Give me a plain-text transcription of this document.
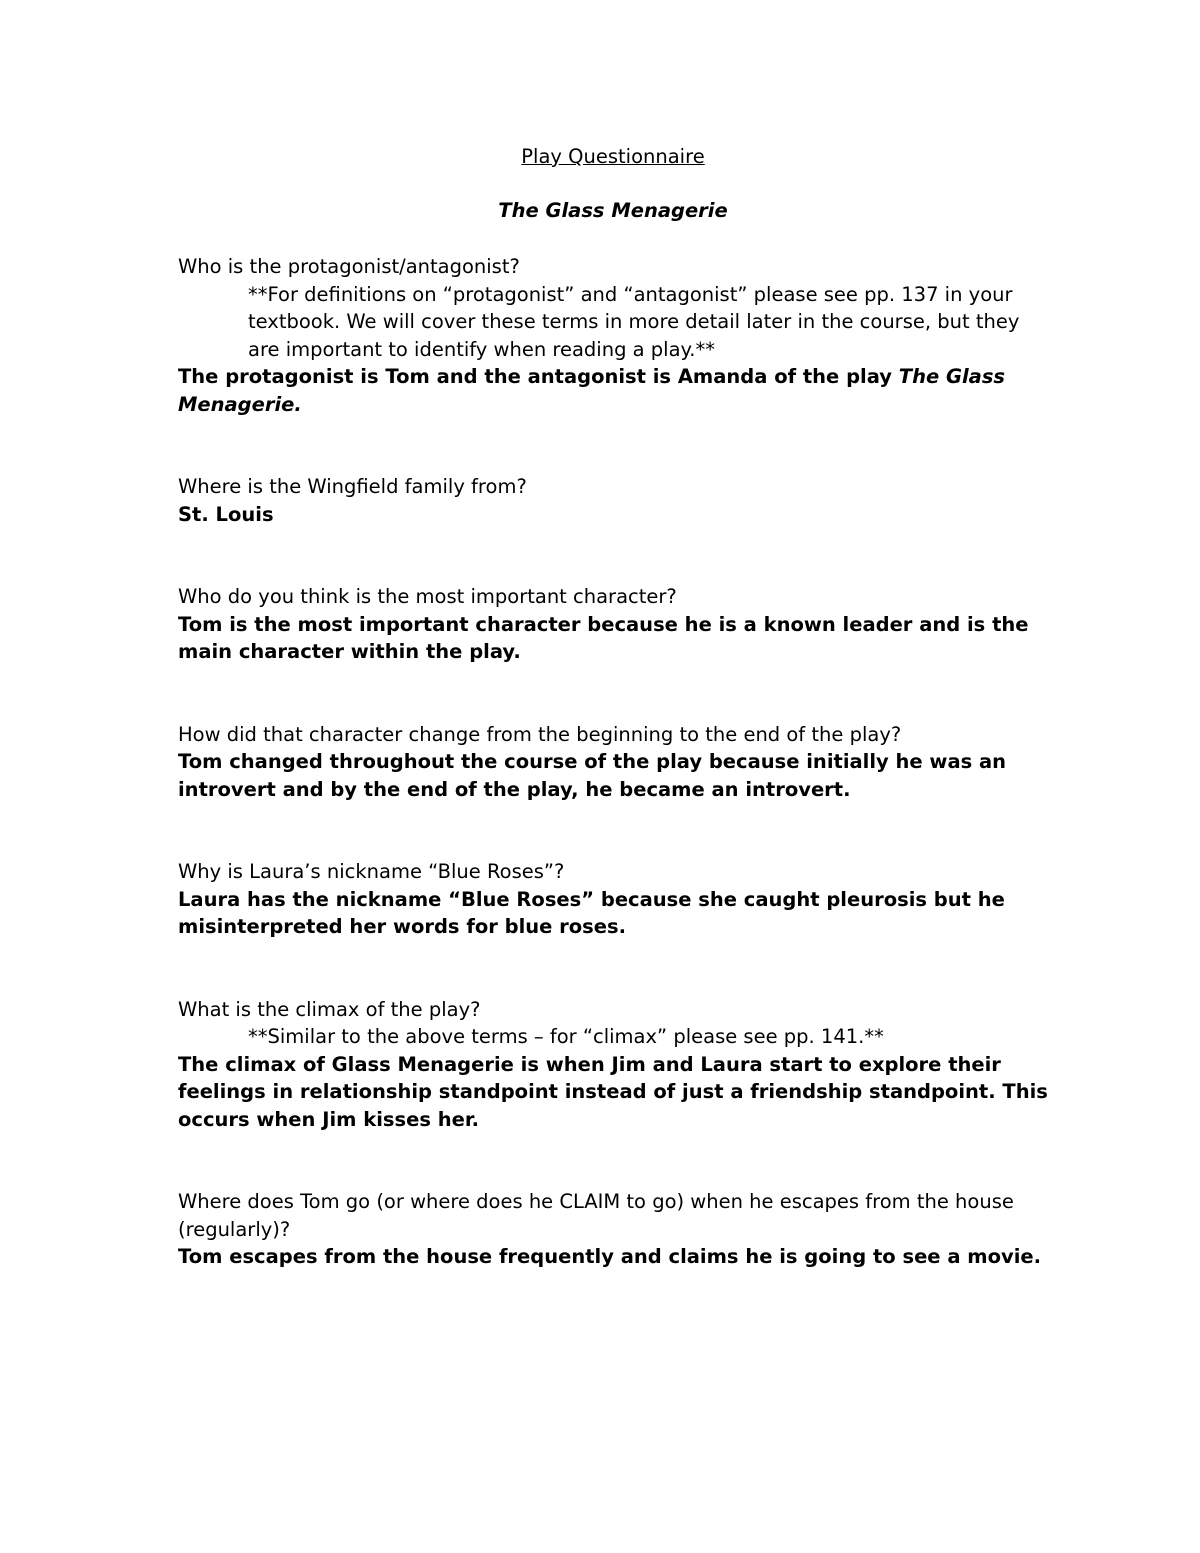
Play Questionnaire

The Glass Menagerie

Who is the protagonist/antagonist?

**For definitions on “protagonist” and “antagonist” please see pp. 137 in your textbook. We will cover these terms in more detail later in the course, but they are important to identify when reading a play.**

The protagonist is Tom and the antagonist is Amanda of the play The Glass Menagerie.

Where is the Wingfield family from?

St. Louis

Who do you think is the most important character?

Tom is the most important character because he is a known leader and is the main character within the play.

How did that character change from the beginning to the end of the play?

Tom changed throughout the course of the play because initially he was an introvert and by the end of the play, he became an introvert.

Why is Laura’s nickname “Blue Roses”?

Laura has the nickname “Blue Roses” because she caught pleurosis but he misinterpreted her words for blue roses.

What is the climax of the play?

**Similar to the above terms – for “climax” please see pp. 141.**

The climax of Glass Menagerie is when Jim and Laura start to explore their feelings in relationship standpoint instead of just a friendship standpoint. This occurs when Jim kisses her.

Where does Tom go (or where does he CLAIM to go) when he escapes from the house (regularly)?

Tom escapes from the house frequently and claims he is going to see a movie.
